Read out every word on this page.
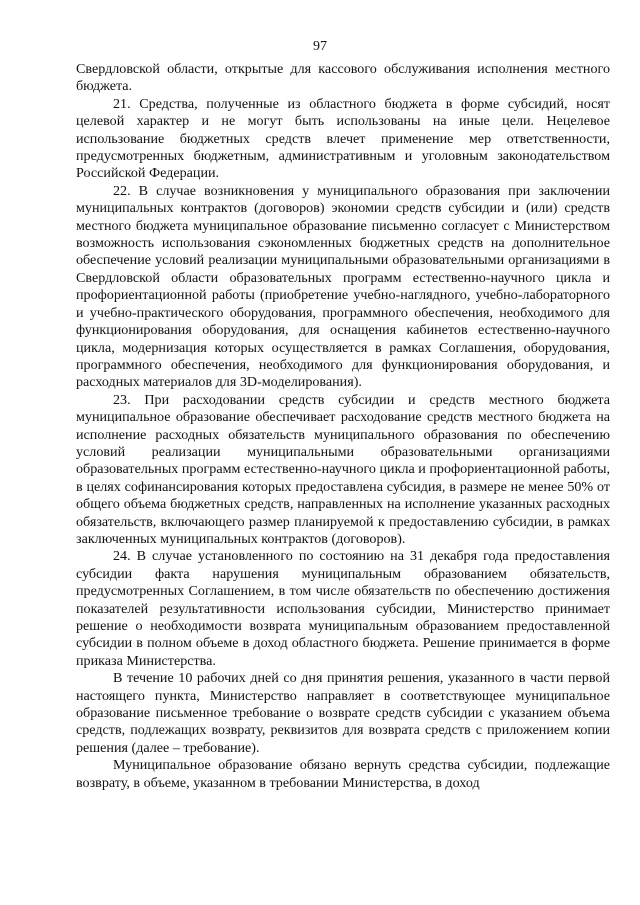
97

Свердловской области, открытые для кассового обслуживания исполнения местного бюджета.

21. Средства, полученные из областного бюджета в форме субсидий, носят целевой характер и не могут быть использованы на иные цели. Нецелевое использование бюджетных средств влечет применение мер ответственности, предусмотренных бюджетным, административным и уголовным законодательством Российской Федерации.

22. В случае возникновения у муниципального образования при заключении муниципальных контрактов (договоров) экономии средств субсидии и (или) средств местного бюджета муниципальное образование письменно согласует с Министерством возможность использования сэкономленных бюджетных средств на дополнительное обеспечение условий реализации муниципальными образовательными организациями в Свердловской области образовательных программ естественно-научного цикла и профориентационной работы (приобретение учебно-наглядного, учебно-лабораторного и учебно-практического оборудования, программного обеспечения, необходимого для функционирования оборудования, для оснащения кабинетов естественно-научного цикла, модернизация которых осуществляется в рамках Соглашения, оборудования, программного обеспечения, необходимого для функционирования оборудования, и расходных материалов для 3D-моделирования).

23. При расходовании средств субсидии и средств местного бюджета муниципальное образование обеспечивает расходование средств местного бюджета на исполнение расходных обязательств муниципального образования по обеспечению условий реализации муниципальными образовательными организациями образовательных программ естественно-научного цикла и профориентационной работы, в целях софинансирования которых предоставлена субсидия, в размере не менее 50% от общего объема бюджетных средств, направленных на исполнение указанных расходных обязательств, включающего размер планируемой к предоставлению субсидии, в рамках заключенных муниципальных контрактов (договоров).

24. В случае установленного по состоянию на 31 декабря года предоставления субсидии факта нарушения муниципальным образованием обязательств, предусмотренных Соглашением, в том числе обязательств по обеспечению достижения показателей результативности использования субсидии, Министерство принимает решение о необходимости возврата муниципальным образованием предоставленной субсидии в полном объеме в доход областного бюджета. Решение принимается в форме приказа Министерства.

В течение 10 рабочих дней со дня принятия решения, указанного в части первой настоящего пункта, Министерство направляет в соответствующее муниципальное образование письменное требование о возврате средств субсидии с указанием объема средств, подлежащих возврату, реквизитов для возврата средств с приложением копии решения (далее – требование).

Муниципальное образование обязано вернуть средства субсидии, подлежащие возврату, в объеме, указанном в требовании Министерства, в доход
